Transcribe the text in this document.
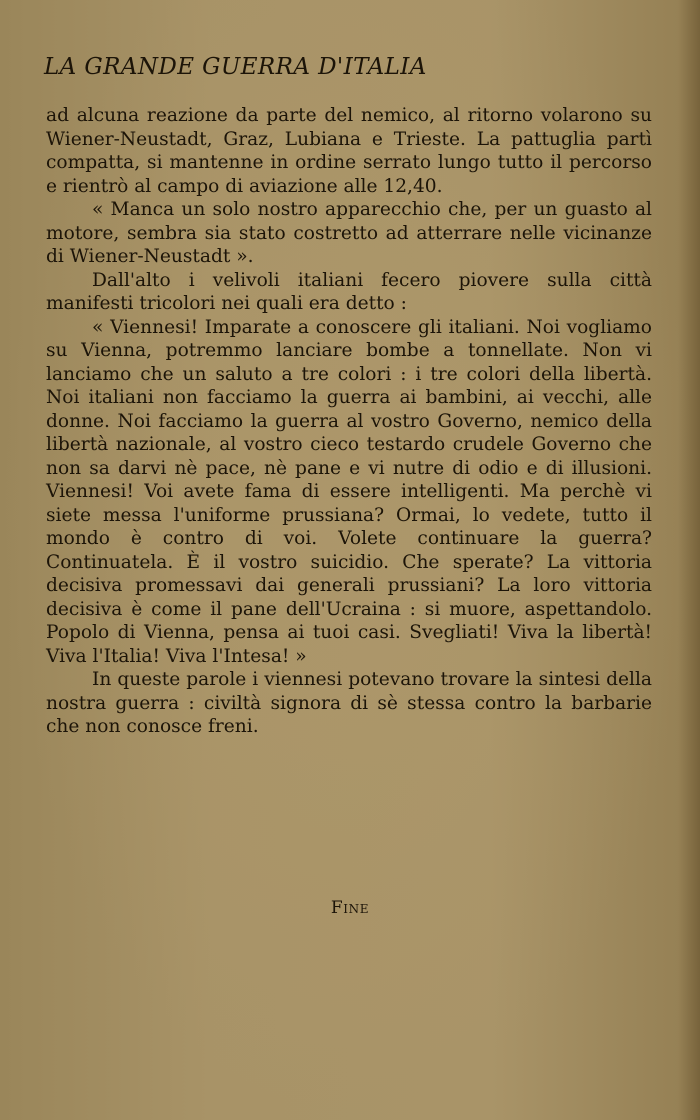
LA GRANDE GUERRA D'ITALIA

ad alcuna reazione da parte del nemico, al ritorno volarono su Wiener-Neustadt, Graz, Lubiana e Trieste. La pattuglia partì compatta, si mantenne in ordine serrato lungo tutto il percorso e rientrò al campo di aviazione alle 12,40.

« Manca un solo nostro apparecchio che, per un guasto al motore, sembra sia stato costretto ad atterrare nelle vicinanze di Wiener-Neustadt ».

Dall'alto i velivoli italiani fecero piovere sulla città manifesti tricolori nei quali era detto :

« Viennesi! Imparate a conoscere gli italiani. Noi vogliamo su Vienna, potremmo lanciare bombe a tonnellate. Non vi lanciamo che un saluto a tre colori : i tre colori della libertà. Noi italiani non facciamo la guerra ai bambini, ai vecchi, alle donne. Noi facciamo la guerra al vostro Governo, nemico della libertà nazionale, al vostro cieco testardo crudele Governo che non sa darvi nè pace, nè pane e vi nutre di odio e di illusioni. Viennesi! Voi avete fama di essere intelligenti. Ma perchè vi siete messa l'uniforme prussiana? Ormai, lo vedete, tutto il mondo è contro di voi. Volete continuare la guerra? Continuatela. È il vostro suicidio. Che sperate? La vittoria decisiva promessavi dai generali prussiani? La loro vittoria decisiva è come il pane dell'Ucraina : si muore, aspettandolo. Popolo di Vienna, pensa ai tuoi casi. Svegliati! Viva la libertà! Viva l'Italia! Viva l'Intesa! »

In queste parole i viennesi potevano trovare la sintesi della nostra guerra : civiltà signora di sè stessa contro la barbarie che non conosce freni.

Fine
